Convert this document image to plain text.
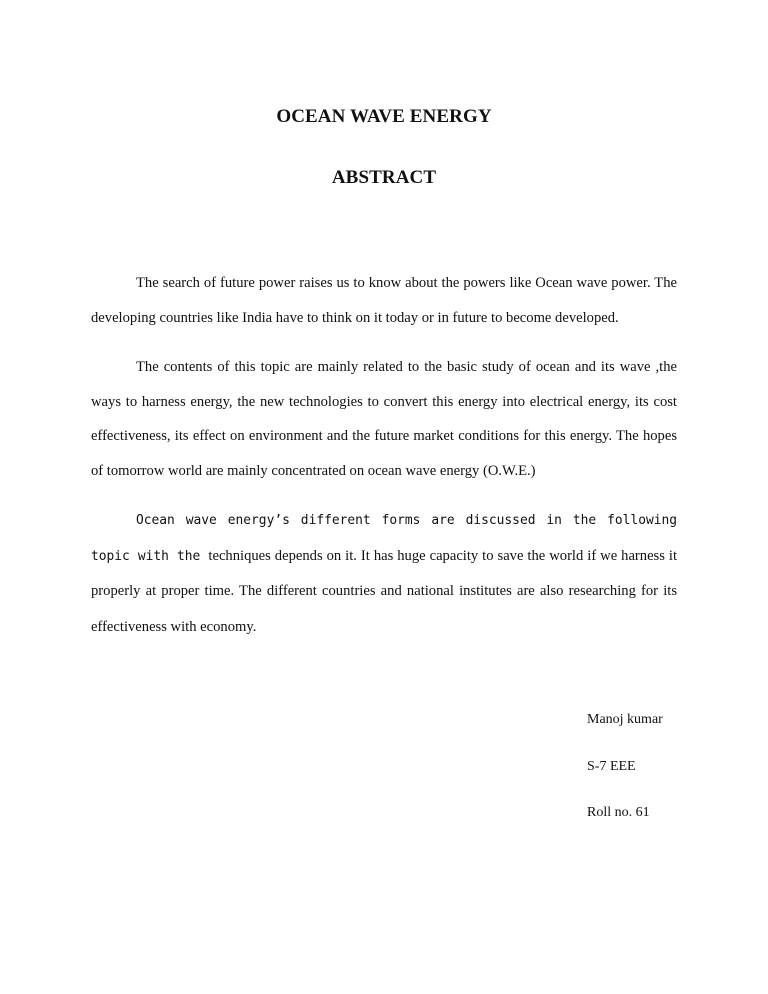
OCEAN WAVE ENERGY
ABSTRACT

The search of future power raises us to know about the powers like Ocean wave power. The developing countries like India have to think on it today or in future to become developed.

The contents of this topic are mainly related to the basic study of ocean and its wave ,the ways to harness energy, the new technologies to convert this energy into electrical energy, its cost effectiveness, its effect on environment and the future market conditions for this energy. The hopes of tomorrow world are mainly concentrated on ocean wave energy (O.W.E.)

Ocean wave energy’s different forms are discussed in the following topic with the techniques depends on it. It has huge capacity to save the world if we harness it properly at proper time. The different countries and national institutes are also researching for its effectiveness with economy.

Manoj kumar
S-7 EEE
Roll no. 61
